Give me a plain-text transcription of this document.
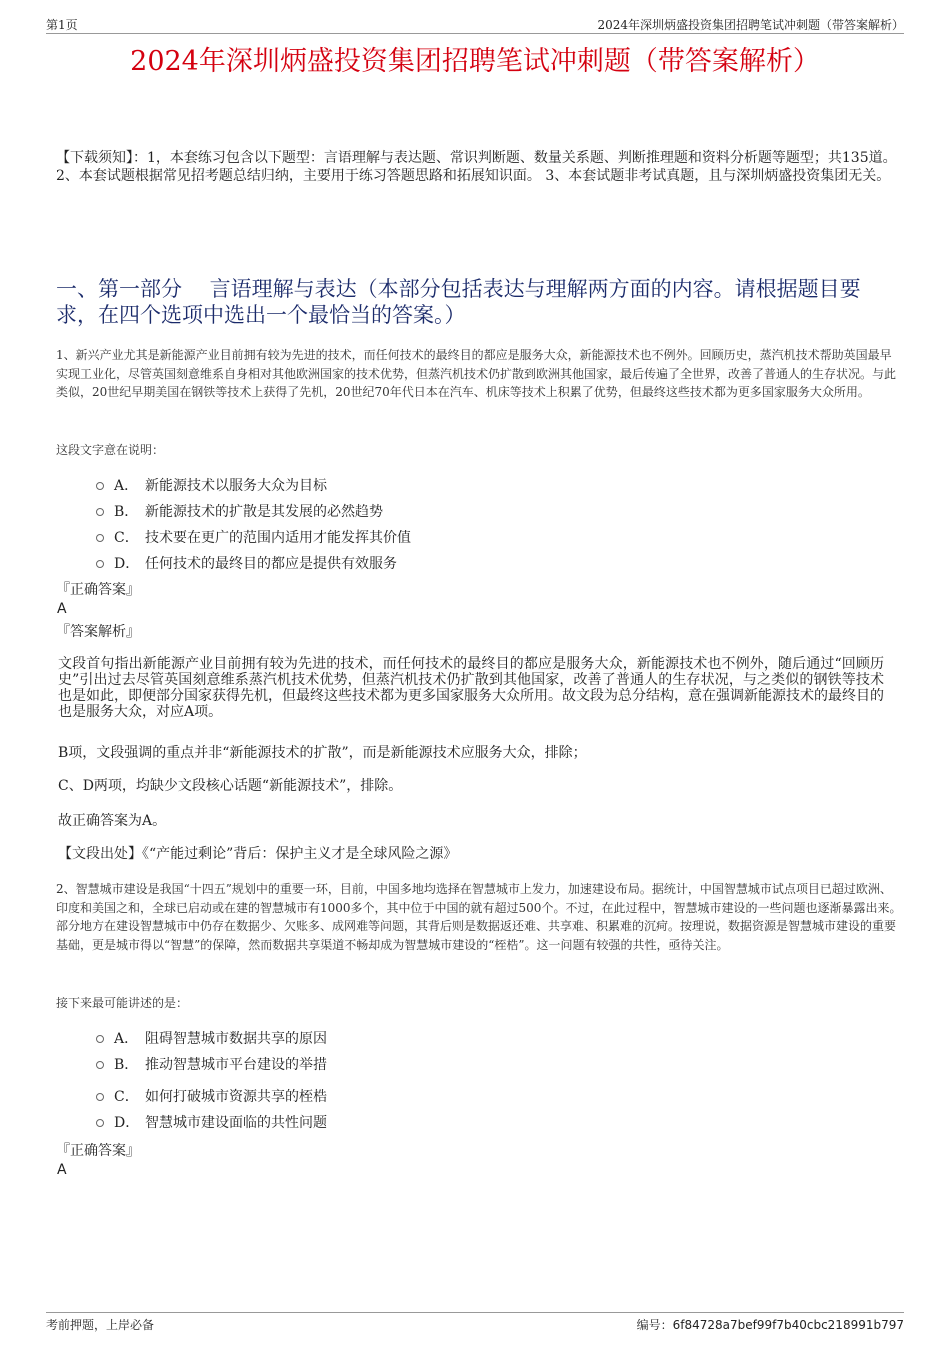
第1页	2024年深圳炳盛投资集团招聘笔试冲刺题（带答案解析）
2024年深圳炳盛投资集团招聘笔试冲刺题（带答案解析）
【下载须知】：1，本套练习包含以下题型：言语理解与表达题、常识判断题、数量关系题、判断推理题和资料分析题等题型；共135道。 2、本套试题根据常见招考题总结归纳，主要用于练习答题思路和拓展知识面。 3、本套试题非考试真题，且与深圳炳盛投资集团无关。
一、第一部分　 言语理解与表达（本部分包括表达与理解两方面的内容。请根据题目要求，在四个选项中选出一个最恰当的答案。）
1、新兴产业尤其是新能源产业目前拥有较为先进的技术，而任何技术的最终目的都应是服务大众，新能源技术也不例外。回顾历史，蒸汽机技术帮助英国最早实现工业化，尽管英国刻意维系自身相对其他欧洲国家的技术优势，但蒸汽机技术仍扩散到欧洲其他国家，最后传遍了全世界，改善了普通人的生存状况。与此类似，20世纪早期美国在钢铁等技术上获得了先机，20世纪70年代日本在汽车、机床等技术上积累了优势，但最终这些技术都为更多国家服务大众所用。
这段文字意在说明：
A． 新能源技术以服务大众为目标
B． 新能源技术的扩散是其发展的必然趋势
C． 技术要在更广的范围内适用才能发挥其价值
D． 任何技术的最终目的都应是提供有效服务
『正确答案』
A
『答案解析』
文段首句指出新能源产业目前拥有较为先进的技术，而任何技术的最终目的都应是服务大众，新能源技术也不例外，随后通过“回顾历史”引出过去尽管英国刻意维系蒸汽机技术优势，但蒸汽机技术仍扩散到其他国家，改善了普通人的生存状况，与之类似的钢铁等技术也是如此，即便部分国家获得先机，但最终这些技术都为更多国家服务大众所用。故文段为总分结构，意在强调新能源技术的最终目的也是服务大众，对应A项。
B项，文段强调的重点并非“新能源技术的扩散”，而是新能源技术应服务大众，排除；
C、D两项，均缺少文段核心话题“新能源技术”，排除。
故正确答案为A。
【文段出处】《“产能过剩论”背后：保护主义才是全球风险之源》
2、智慧城市建设是我国“十四五”规划中的重要一环，目前，中国多地均选择在智慧城市上发力，加速建设布局。据统计，中国智慧城市试点项目已超过欧洲、印度和美国之和，全球已启动或在建的智慧城市有1000多个，其中位于中国的就有超过500个。不过，在此过程中，智慧城市建设的一些问题也逐渐暴露出来。部分地方在建设智慧城市中仍存在数据少、欠账多、成网难等问题，其背后则是数据返还难、共享难、积累难的沉疴。按理说，数据资源是智慧城市建设的重要基础，更是城市得以“智慧”的保障，然而数据共享渠道不畅却成为智慧城市建设的“桎梏”。这一问题有较强的共性，亟待关注。
接下来最可能讲述的是：
A． 阻碍智慧城市数据共享的原因
B． 推动智慧城市平台建设的举措
C． 如何打破城市资源共享的桎梏
D． 智慧城市建设面临的共性问题
『正确答案』
A
考前押题，上岸必备	编号：6f84728a7bef99f7b40cbc218991b797
